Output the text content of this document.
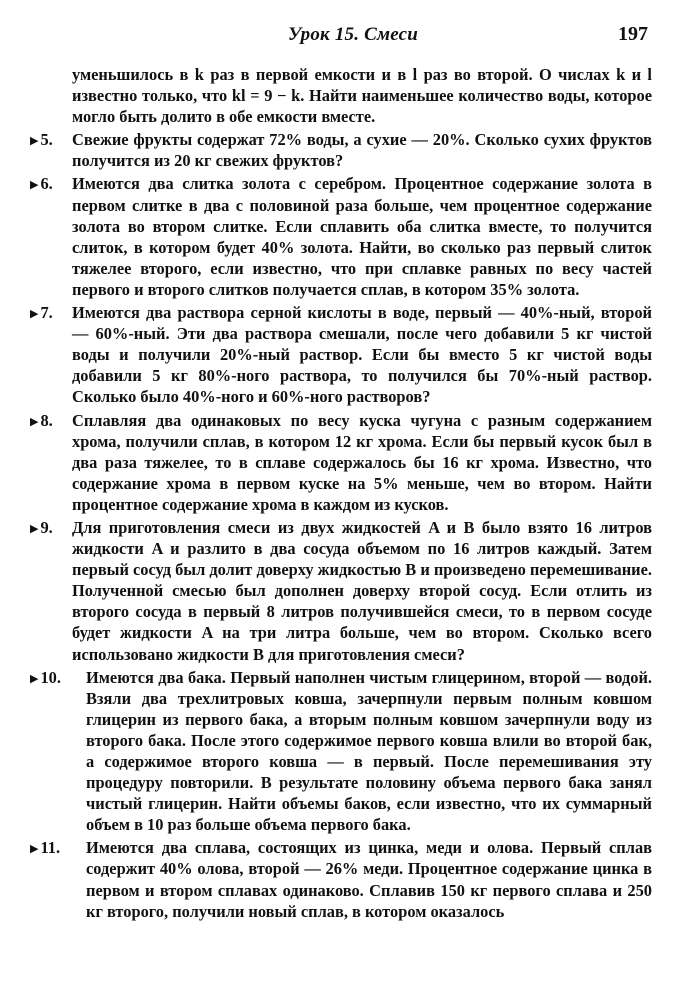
Урок 15. Смеси	197

уменьшилось в k раз в первой емкости и в l раз во второй. О числах k и l известно только, что kl = 9 − k. Найти наименьшее количество воды, которое могло быть долито в обе емкости вместе.

▶ 5.	Свежие фрукты содержат 72% воды, а сухие — 20%. Сколько сухих фруктов получится из 20 кг свежих фруктов?

▶ 6.	Имеются два слитка золота с серебром. Процентное содержание золота в первом слитке в два с половиной раза больше, чем процентное содержание золота во втором слитке. Если сплавить оба слитка вместе, то получится слиток, в котором будет 40% золота. Найти, во сколько раз первый слиток тяжелее второго, если известно, что при сплавке равных по весу частей первого и второго слитков получается сплав, в котором 35% золота.

▶ 7.	Имеются два раствора серной кислоты в воде, первый — 40%-ный, второй — 60%-ный. Эти два раствора смешали, после чего добавили 5 кг чистой воды и получили 20%-ный раствор. Если бы вместо 5 кг чистой воды добавили 5 кг 80%-ного раствора, то получился бы 70%-ный раствор. Сколько было 40%-ного и 60%-ного растворов?

▶ 8.	Сплавляя два одинаковых по весу куска чугуна с разным содержанием хрома, получили сплав, в котором 12 кг хрома. Если бы первый кусок был в два раза тяжелее, то в сплаве содержалось бы 16 кг хрома. Известно, что содержание хрома в первом куске на 5% меньше, чем во втором. Найти процентное содержание хрома в каждом из кусков.

▶ 9.	Для приготовления смеси из двух жидкостей A и B было взято 16 литров жидкости A и разлито в два сосуда объемом по 16 литров каждый. Затем первый сосуд был долит доверху жидкостью B и произведено перемешивание. Полученной смесью был дополнен доверху второй сосуд. Если отлить из второго сосуда в первый 8 литров получившейся смеси, то в первом сосуде будет жидкости A на три литра больше, чем во втором. Сколько всего использовано жидкости B для приготовления смеси?

▶ 10.	Имеются два бака. Первый наполнен чистым глицерином, второй — водой. Взяли два трехлитровых ковша, зачерпнули первым полным ковшом глицерин из первого бака, а вторым полным ковшом зачерпнули воду из второго бака. После этого содержимое первого ковша влили во второй бак, а содержимое второго ковша — в первый. После перемешивания эту процедуру повторили. В результате половину объема первого бака занял чистый глицерин. Найти объемы баков, если известно, что их суммарный объем в 10 раз больше объема первого бака.

▶ 11.	Имеются два сплава, состоящих из цинка, меди и олова. Первый сплав содержит 40% олова, второй — 26% меди. Процентное содержание цинка в первом и втором сплавах одинаково. Сплавив 150 кг первого сплава и 250 кг второго, получили новый сплав, в котором оказалось
